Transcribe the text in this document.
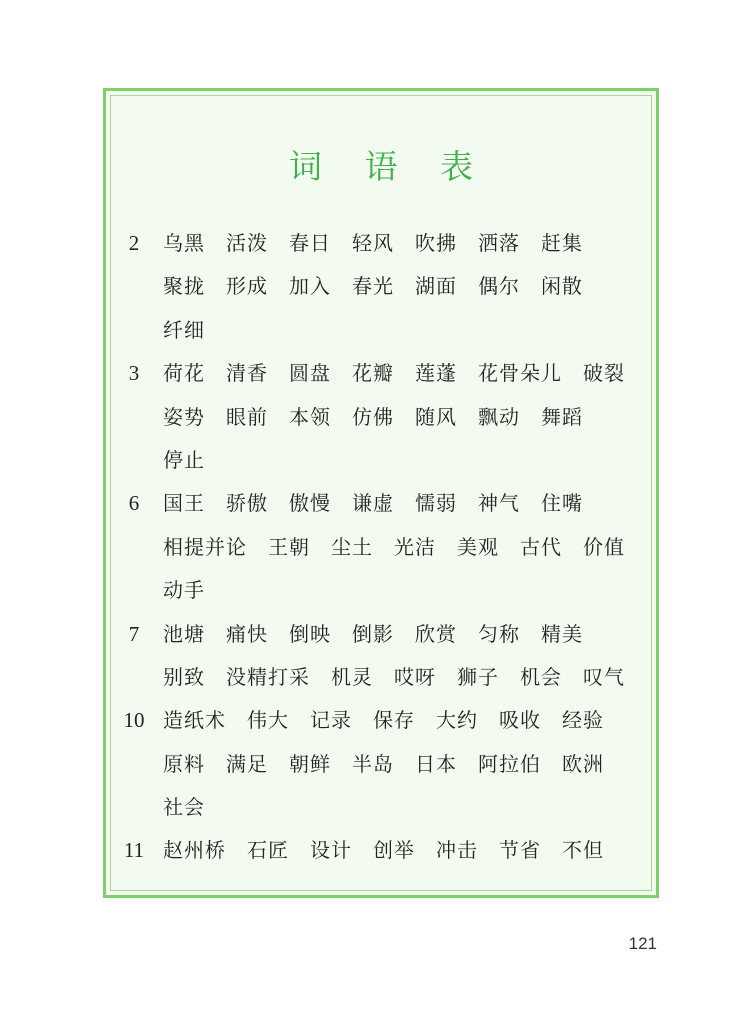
词 语 表
2	乌黑 活泼 春日 轻风 吹拂 洒落 赶集
聚拢 形成 加入 春光 湖面 偶尔 闲散
纤细
3	荷花 清香 圆盘 花瓣 莲蓬 花骨朵儿 破裂
姿势 眼前 本领 仿佛 随风 飘动 舞蹈
停止
6	国王 骄傲 傲慢 谦虚 懦弱 神气 住嘴
相提并论 王朝 尘土 光洁 美观 古代 价值
动手
7	池塘 痛快 倒映 倒影 欣赏 匀称 精美
别致 没精打采 机灵 哎呀 狮子 机会 叹气
10 造纸术 伟大 记录 保存 大约 吸收 经验
原料 满足 朝鲜 半岛 日本 阿拉伯 欧洲
社会
11 赵州桥 石匠 设计 创举 冲击 节省 不但
121
